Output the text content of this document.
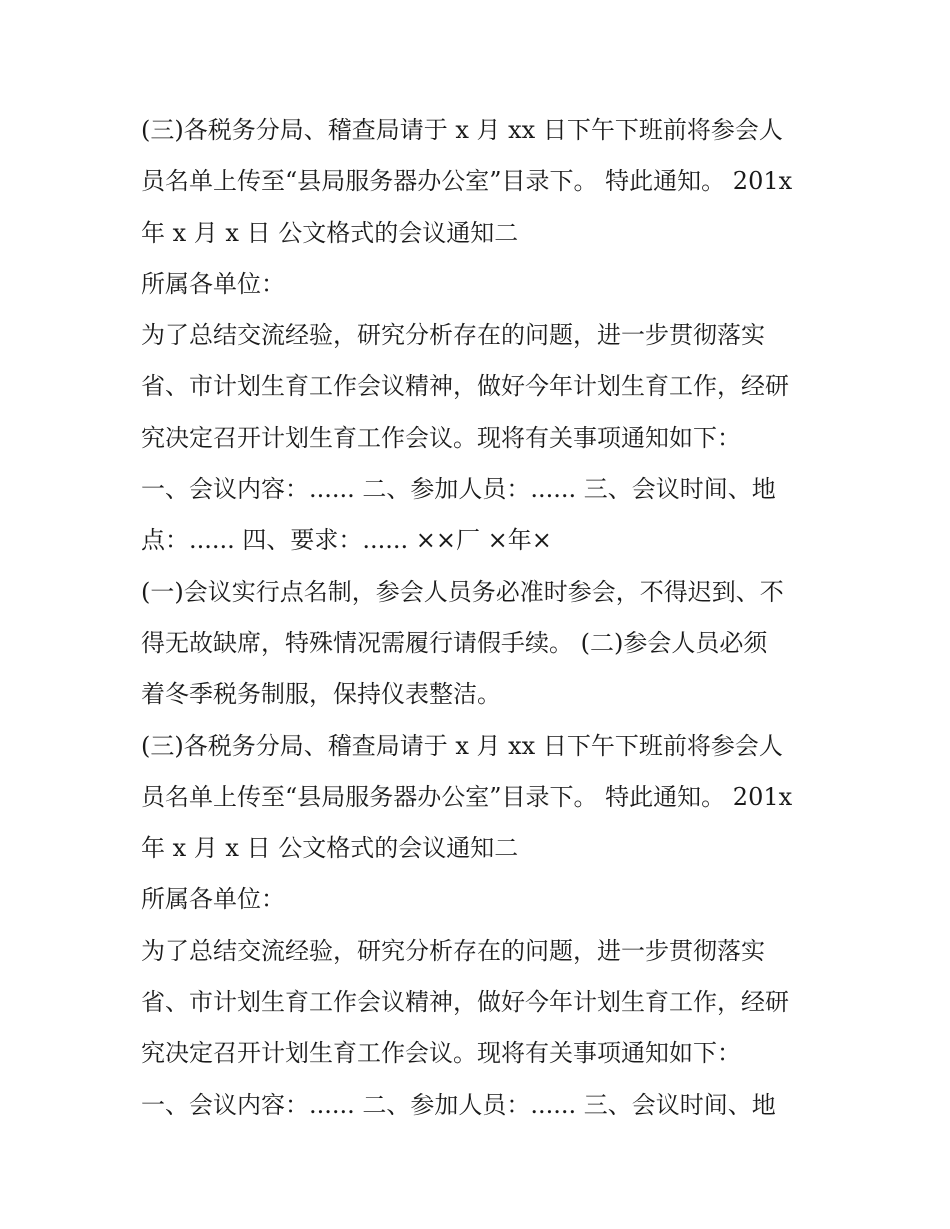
(三)各税务分局、稽查局请于 x 月 xx 日下午下班前将参会人
员名单上传至“县局服务器办公室”目录下。 特此通知。 201x
年 x 月 x 日 公文格式的会议通知二
所属各单位：
为了总结交流经验，研究分析存在的问题，进一步贯彻落实
省、市计划生育工作会议精神，做好今年计划生育工作，经研
究决定召开计划生育工作会议。现将有关事项通知如下：
一、会议内容：...... 二、参加人员：...... 三、会议时间、地
点：...... 四、要求：...... ××厂 ×年×
(一)会议实行点名制，参会人员务必准时参会，不得迟到、不
得无故缺席，特殊情况需履行请假手续。 (二)参会人员必须
着冬季税务制服，保持仪表整洁。
(三)各税务分局、稽查局请于 x 月 xx 日下午下班前将参会人
员名单上传至“县局服务器办公室”目录下。 特此通知。 201x
年 x 月 x 日 公文格式的会议通知二
所属各单位：
为了总结交流经验，研究分析存在的问题，进一步贯彻落实
省、市计划生育工作会议精神，做好今年计划生育工作，经研
究决定召开计划生育工作会议。现将有关事项通知如下：
一、会议内容：...... 二、参加人员：...... 三、会议时间、地
